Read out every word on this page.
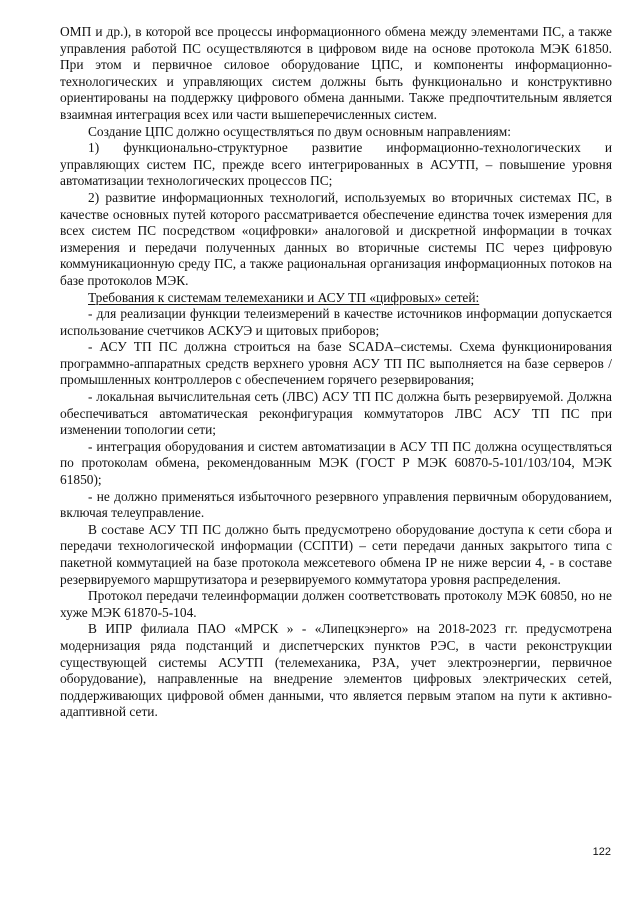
ОМП и др.), в которой все процессы информационного обмена между элементами ПС, а также управления работой ПС осуществляются в цифровом виде на основе протокола МЭК 61850. При этом и первичное силовое оборудование ЦПС, и компоненты информационно-технологических и управляющих систем должны быть функционально и конструктивно ориентированы на поддержку цифрового обмена данными. Также предпочтительным является взаимная интеграция всех или части вышеперечисленных систем.

Создание ЦПС должно осуществляться по двум основным направлениям:

1) функционально-структурное развитие информационно-технологических и управляющих систем ПС, прежде всего интегрированных в АСУТП, – повышение уровня автоматизации технологических процессов ПС;

2) развитие информационных технологий, используемых во вторичных системах ПС, в качестве основных путей которого рассматривается обеспечение единства точек измерения для всех систем ПС посредством «оцифровки» аналоговой и дискретной информации в точках измерения и передачи полученных данных во вторичные системы ПС через цифровую коммуникационную среду ПС, а также рациональная организация информационных потоков на базе протоколов МЭК.

Требования к системам телемеханики и АСУ ТП «цифровых» сетей:

- для реализации функции телеизмерений в качестве источников информации допускается использование счетчиков АСКУЭ и щитовых приборов;

- АСУ ТП ПС должна строиться на базе SCADA–системы. Схема функционирования программно-аппаратных средств верхнего уровня АСУ ТП ПС выполняется на базе серверов / промышленных контроллеров с обеспечением горячего резервирования;

- локальная вычислительная сеть (ЛВС) АСУ ТП ПС должна быть резервируемой. Должна обеспечиваться автоматическая реконфигурация коммутаторов ЛВС АСУ ТП ПС при изменении топологии сети;

- интеграция оборудования и систем автоматизации в АСУ ТП ПС должна осуществляться по протоколам обмена, рекомендованным МЭК (ГОСТ Р МЭК 60870-5-101/103/104, МЭК 61850);

- не должно применяться избыточного резервного управления первичным оборудованием, включая телеуправление.

В составе АСУ ТП ПС должно быть предусмотрено оборудование доступа к сети сбора и передачи технологической информации (ССПТИ) – сети передачи данных закрытого типа с пакетной коммутацией на базе протокола межсетевого обмена IP не ниже версии 4, - в составе резервируемого маршрутизатора и резервируемого коммутатора уровня распределения.

Протокол передачи телеинформации должен соответствовать протоколу МЭК 60850, но не хуже МЭК 61870-5-104.

В ИПР филиала ПАО «МРСК » - «Липецкэнерго» на 2018-2023 гг. предусмотрена модернизация ряда подстанций и диспетчерских пунктов РЭС, в части реконструкции существующей системы АСУТП (телемеханика, РЗА, учет электроэнергии, первичное оборудование), направленные на внедрение элементов цифровых электрических сетей, поддерживающих цифровой обмен данными, что является первым этапом на пути к активно-адаптивной сети.

122
